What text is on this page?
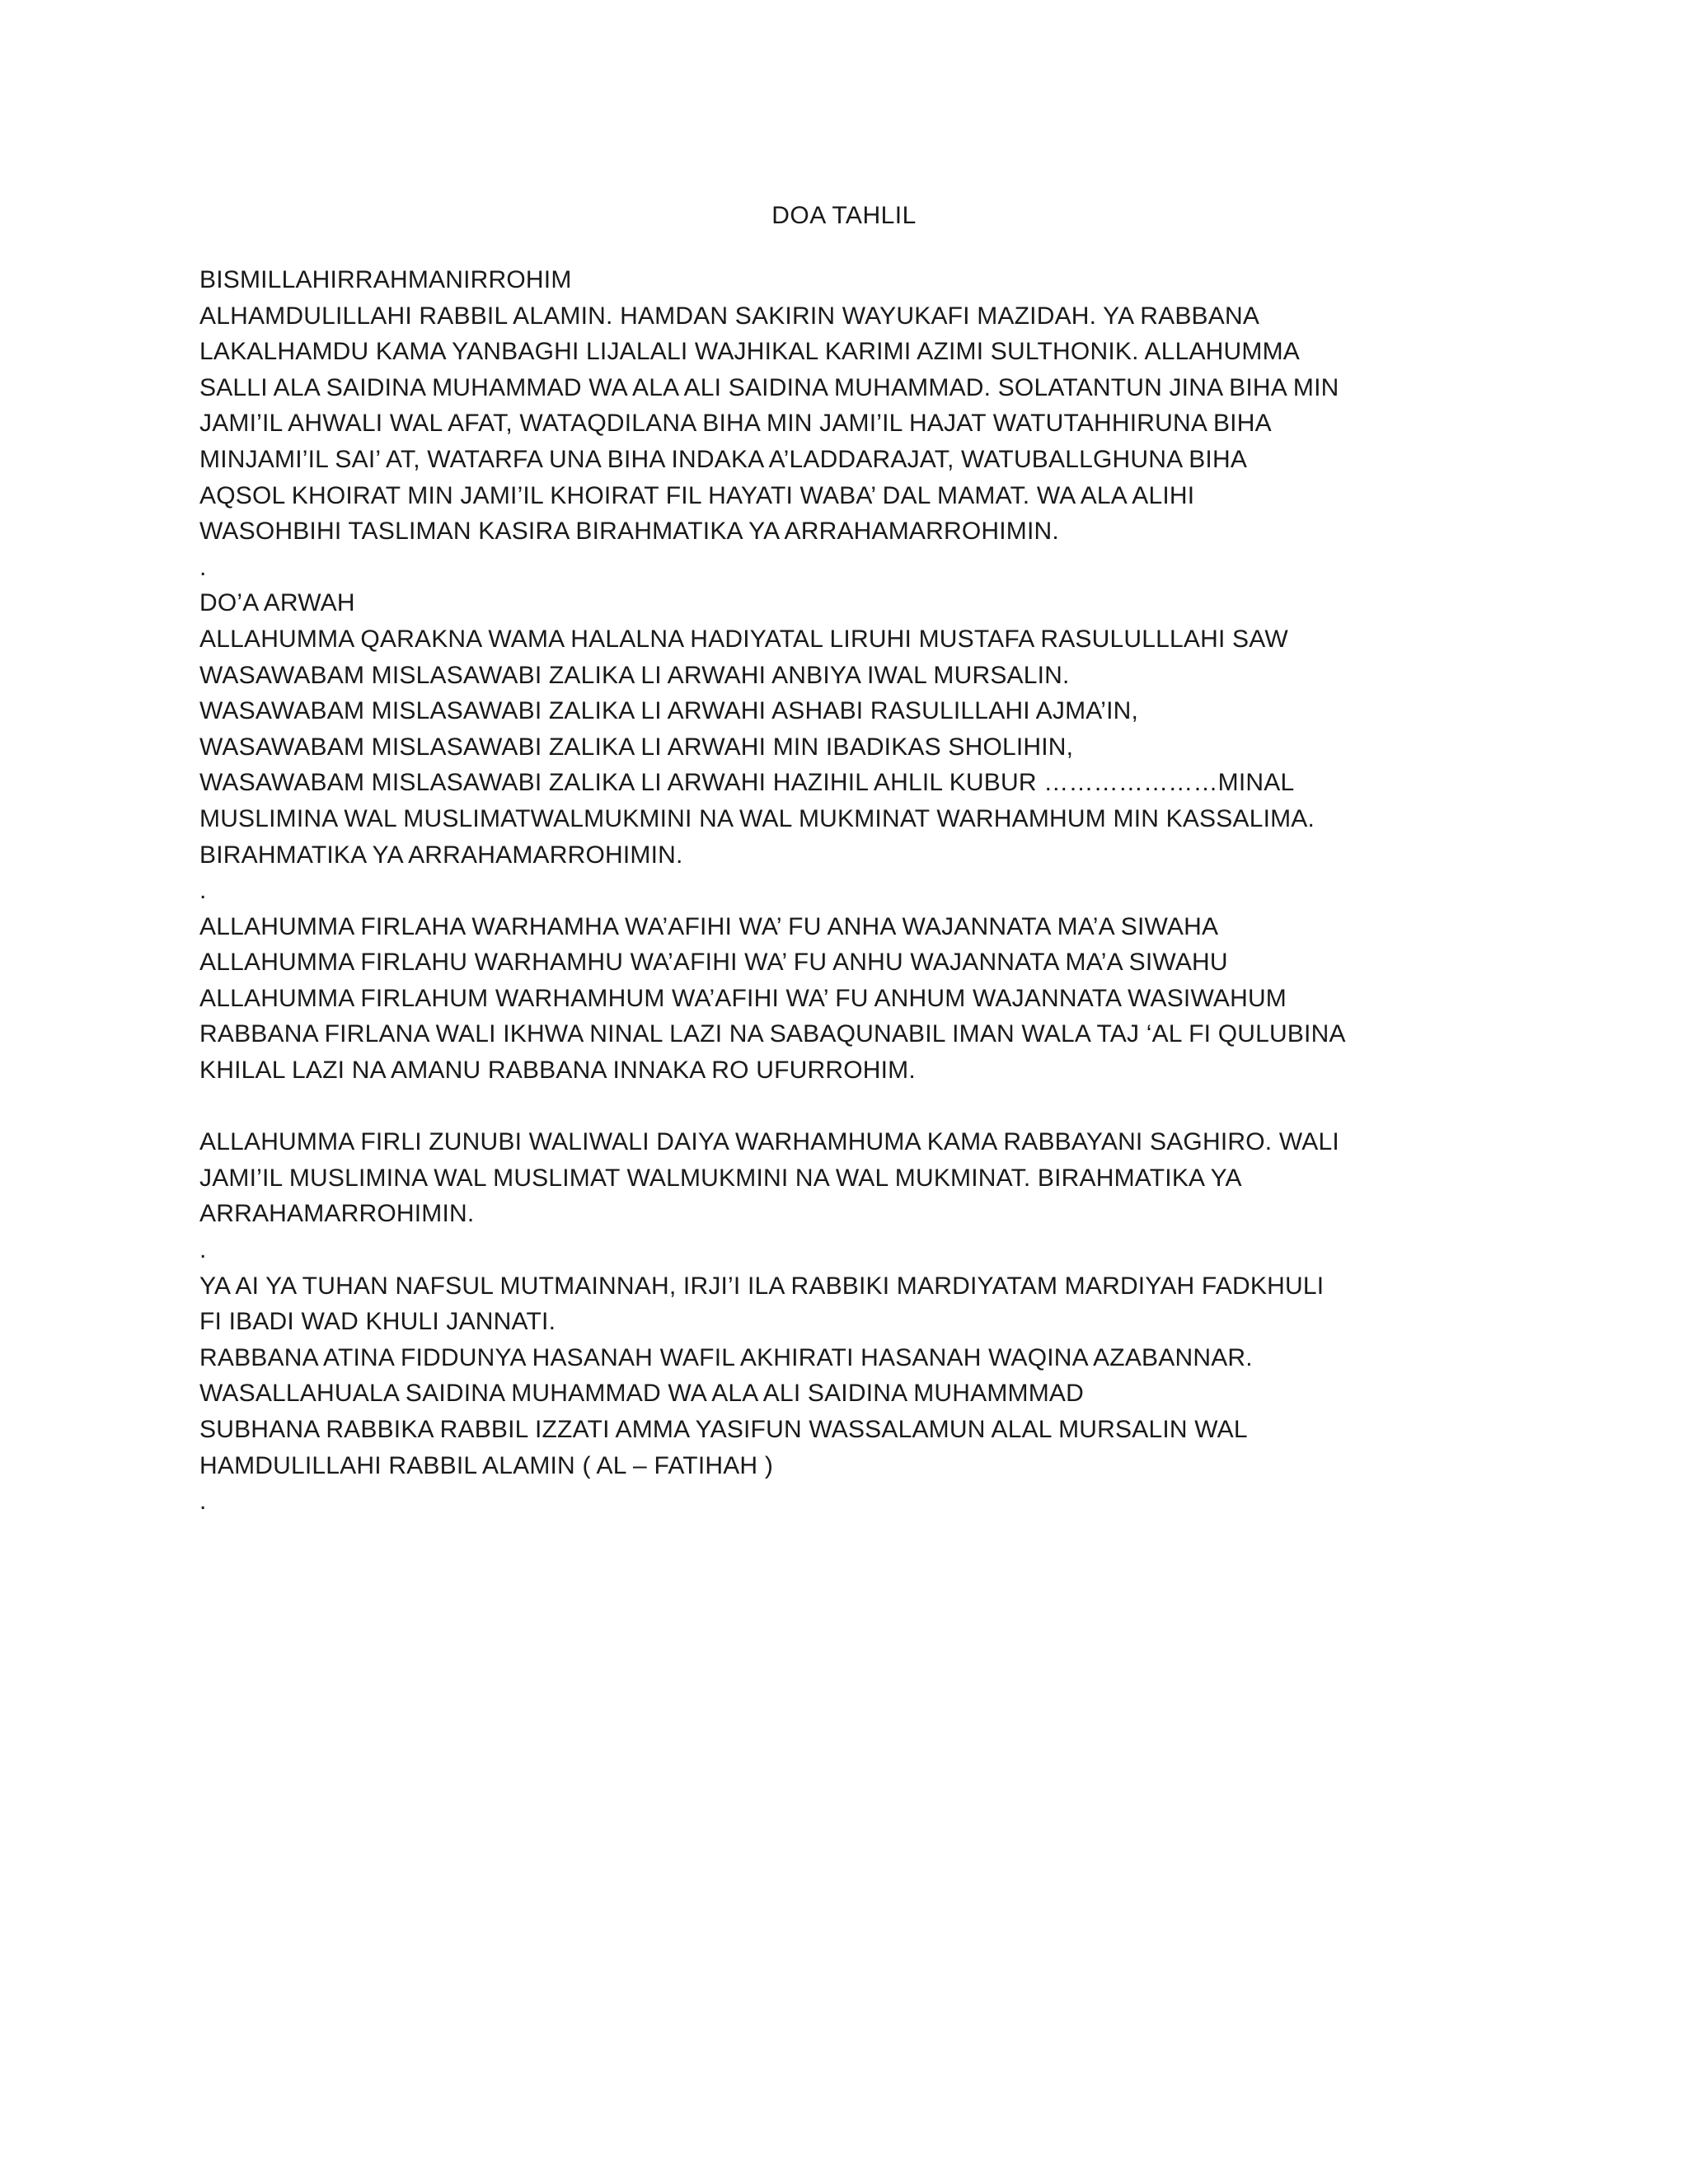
DOA TAHLIL
BISMILLAHIRRAHMANIRROHIM
ALHAMDULILLAHI RABBIL ALAMIN. HAMDAN SAKIRIN WAYUKAFI MAZIDAH. YA RABBANA
LAKALHAMDU KAMA YANBAGHI LIJALALI WAJHIKAL KARIMI AZIMI SULTHONIK. ALLAHUMMA
SALLI ALA SAIDINA MUHAMMAD WA ALA ALI SAIDINA MUHAMMAD. SOLATANTUN JINA BIHA MIN
JAMI’IL AHWALI WAL AFAT, WATAQDILANA BIHA MIN JAMI’IL HAJAT WATUTAHHIRUNA BIHA
MINJAMI’IL SAI’ AT, WATARFA UNA BIHA INDAKA A’LADDARAJAT, WATUBALLGHUNA BIHA
AQSOL KHOIRAT MIN JAMI’IL KHOIRAT FIL HAYATI WABA’ DAL MAMAT. WA ALA ALIHI
WASOHBIHI TASLIMAN KASIRA BIRAHMATIKA YA ARRAHAMARROHIMIN.
.
DO’A ARWAH
ALLAHUMMA QARAKNA WAMA HALALNA HADIYATAL LIRUHI MUSTAFA RASULULLLAHI SAW
WASAWABAM MISLASAWABI ZALIKA LI ARWAHI ANBIYA IWAL MURSALIN.
WASAWABAM MISLASAWABI ZALIKA LI ARWAHI ASHABI RASULILLAHI AJMA’IN,
WASAWABAM MISLASAWABI ZALIKA LI ARWAHI MIN IBADIKAS SHOLIHIN,
WASAWABAM MISLASAWABI ZALIKA LI ARWAHI HAZIHIL AHLIL KUBUR …………………MINAL
MUSLIMINA WAL MUSLIMATWALMUKMINI NA WAL MUKMINAT WARHAMHUM MIN KASSALIMA.
BIRAHMATIKA YA ARRAHAMARROHIMIN.
.
ALLAHUMMA FIRLAHA WARHAMHA WA’AFIHI WA’ FU ANHA WAJANNATA MA’A SIWAHA
ALLAHUMMA FIRLAHU WARHAMHU WA’AFIHI WA’ FU ANHU WAJANNATA MA’A SIWAHU
ALLAHUMMA FIRLAHUM WARHAMHUM WA’AFIHI WA’ FU ANHUM WAJANNATA WASIWAHUM
RABBANA FIRLANA WALI IKHWA NINAL LAZI NA SABAQUNABIL IMAN WALA TAJ ‘AL FI QULUBINA
KHILAL LAZI NA AMANU RABBANA INNAKA RO UFURROHIM.
ALLAHUMMA FIRLI ZUNUBI WALIWALI DAIYA WARHAMHUMA KAMA RABBAYANI SAGHIRO. WALI
JAMI’IL MUSLIMINA WAL MUSLIMAT WALMUKMINI NA WAL MUKMINAT. BIRAHMATIKA YA
ARRAHAMARROHIMIN.
.
YA AI YA TUHAN NAFSUL MUTMAINNAH, IRJI’I ILA RABBIKI MARDIYATAM MARDIYAH FADKHULI
FI IBADI WAD KHULI JANNATI.
RABBANA ATINA FIDDUNYA HASANAH WAFIL AKHIRATI HASANAH WAQINA AZABANNAR.
WASALLAHUALA SAIDINA MUHAMMAD WA ALA ALI SAIDINA MUHAMMMAD
SUBHANA RABBIKA RABBIL IZZATI AMMA YASIFUN WASSALAMUN ALAL MURSALIN WAL
HAMDULILLAHI RABBIL ALAMIN ( AL – FATIHAH )
.
